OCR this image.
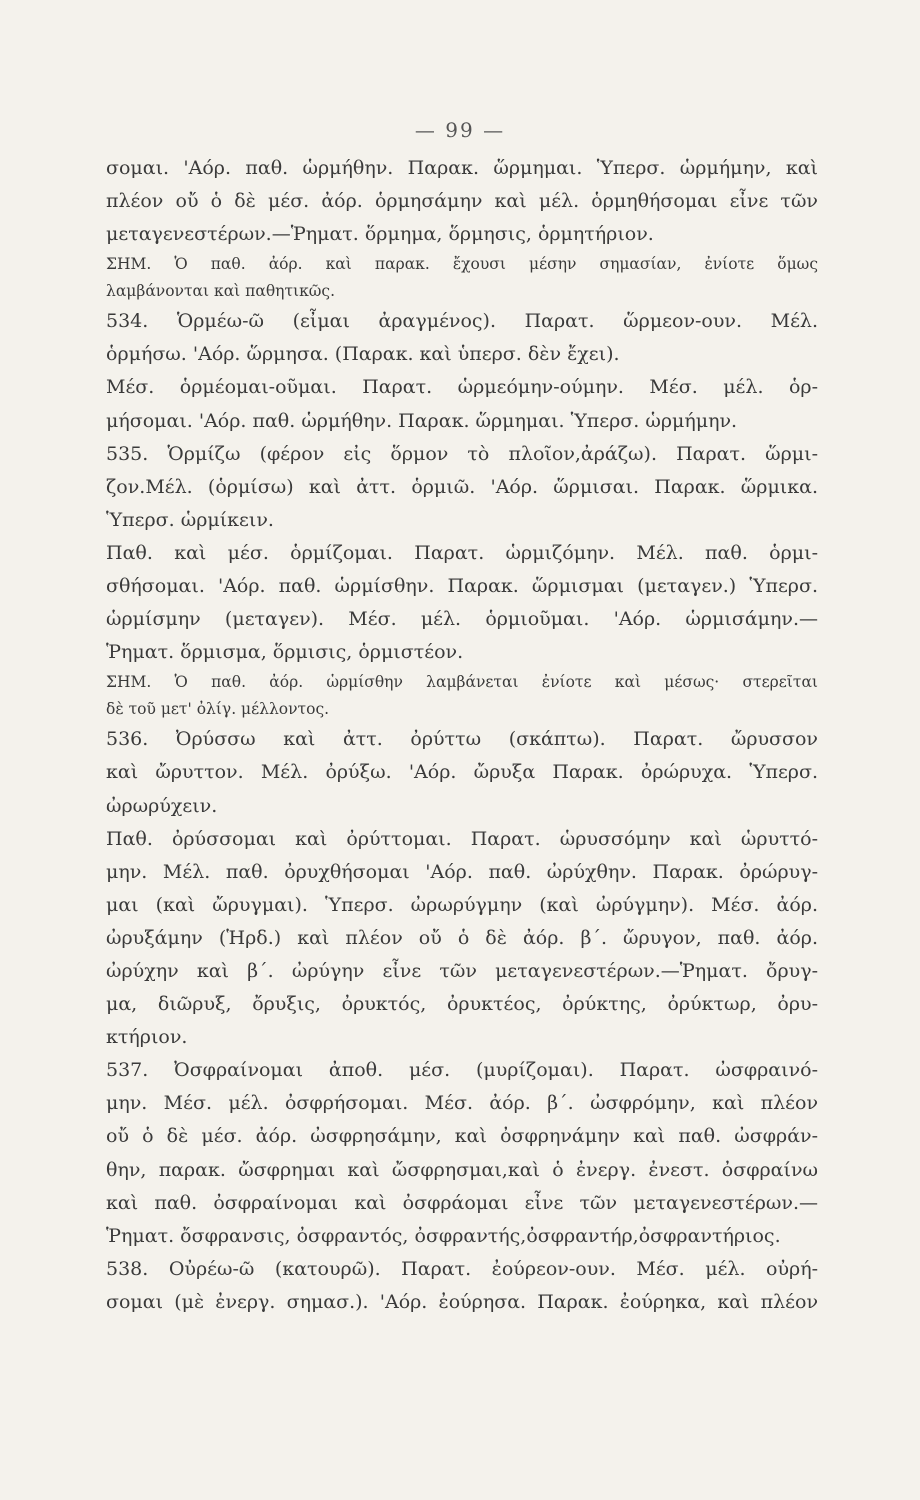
— 99 —
σομαι. 'Αόρ. παθ. ὡρμήθην. Παρακ. ὥρμημαι. Ὑπερσ. ὡρμήμην, καὶ
πλέον οὔ ὁ δὲ μέσ. ἀόρ. ὁρμησάμην καὶ μέλ. ὁρμηθήσομαι εἶνε τῶν
μεταγενεστέρων.—Ῥηματ. ὅρμημα, ὅρμησις, ὁρμητήριον.
ΣΗΜ. Ὁ παθ. ἀόρ. καὶ παρακ. ἔχουσι μέσην σημασίαν, ἐνίοτε ὅμως
λαμβάνονται καὶ παθητικῶς.
534. Ὁρμέω-ῶ (εἶμαι ἀραγμένος). Παρατ. ὥρμεον-ουν. Μέλ.
ὁρμήσω. 'Αόρ. ὥρμησα. (Παρακ. καὶ ὑπερσ. δὲν ἔχει).
Μέσ. ὁρμέομαι-οῦμαι. Παρατ. ὡρμεόμην-ούμην. Μέσ. μέλ. ὁρ-
μήσομαι. 'Αόρ. παθ. ὡρμήθην. Παρακ. ὥρμημαι. Ὑπερσ. ὡρμήμην.
535. Ὁρμίζω (φέρον εἰς ὅρμον τὸ πλοῖον,ἀράζω). Παρατ. ὥρμι-
ζον.Μέλ. (ὁρμίσω) καὶ ἀττ. ὁρμιῶ. 'Αόρ. ὥρμισαι. Παρακ. ὥρμικα.
Ὑπερσ. ὡρμίκειν.
Παθ. καὶ μέσ. ὁρμίζομαι. Παρατ. ὡρμιζόμην. Μέλ. παθ. ὁρμι-
σθήσομαι. 'Αόρ. παθ. ὡρμίσθην. Παρακ. ὥρμισμαι (μεταγεν.) Ὑπερσ.
ὡρμίσμην (μεταγεν). Μέσ. μέλ. ὁρμιοῦμαι. 'Αόρ. ὡρμισάμην.—
Ῥηματ. ὅρμισμα, ὅρμισις, ὁρμιστέον.
ΣΗΜ. Ὁ παθ. ἀόρ. ὡρμίσθην λαμβάνεται ἐνίοτε καὶ μέσως· στερεῖται
δὲ τοῦ μετ' ὀλίγ. μέλλοντος.
536. Ὀρύσσω καὶ ἀττ. ὀρύττω (σκάπτω). Παρατ. ὤρυσσον
καὶ ὤρυττον. Μέλ. ὀρύξω. 'Αόρ. ὤρυξα Παρακ. ὀρώρυχα. Ὑπερσ.
ὠρωρύχειν.
Παθ. ὀρύσσομαι καὶ ὀρύττομαι. Παρατ. ὡρυσσόμην καὶ ὡρυττό-
μην. Μέλ. παθ. ὀρυχθήσομαι 'Αόρ. παθ. ὠρύχθην. Παρακ. ὀρώρυγ-
μαι (καὶ ὤρυγμαι). Ὑπερσ. ὠρωρύγμην (καὶ ὠρύγμην). Μέσ. ἀόρ.
ὠρυξάμην (Ἡρδ.) καὶ πλέον οὔ ὁ δὲ ἀόρ. β΄. ὤρυγον, παθ. ἀόρ.
ὠρύχην καὶ β΄. ὠρύγην εἶνε τῶν μεταγενεστέρων.—Ῥηματ. ὄρυγ-
μα, διῶρυξ, ὄρυξις, ὀρυκτός, ὀρυκτέος, ὀρύκτης, ὀρύκτωρ, ὀρυ-
κτήριον.
537. Ὀσφραίνομαι ἀποθ. μέσ. (μυρίζομαι). Παρατ. ὠσφραινό-
μην. Μέσ. μέλ. ὀσφρήσομαι. Μέσ. ἀόρ. β΄. ὠσφρόμην, καὶ πλέον
οὔ ὁ δὲ μέσ. ἀόρ. ὠσφρησάμην, καὶ ὀσφρηνάμην καὶ παθ. ὠσφράν-
θην, παρακ. ὤσφρημαι καὶ ὤσφρησμαι,καὶ ὁ ἐνεργ. ἐνεστ. ὀσφραίνω
καὶ παθ. ὀσφραίνομαι καὶ ὀσφράομαι εἶνε τῶν μεταγενεστέρων.—
Ῥηματ. ὄσφρανσις, ὀσφραντός, ὀσφραντής,ὀσφραντήρ,ὀσφραντήριος.
538. Οὐρέω-ῶ (κατουρῶ). Παρατ. ἐούρεον-ουν. Μέσ. μέλ. οὐρή-
σομαι (μὲ ἐνεργ. σημασ.). 'Αόρ. ἐούρησα. Παρακ. ἐούρηκα, καὶ πλέον
